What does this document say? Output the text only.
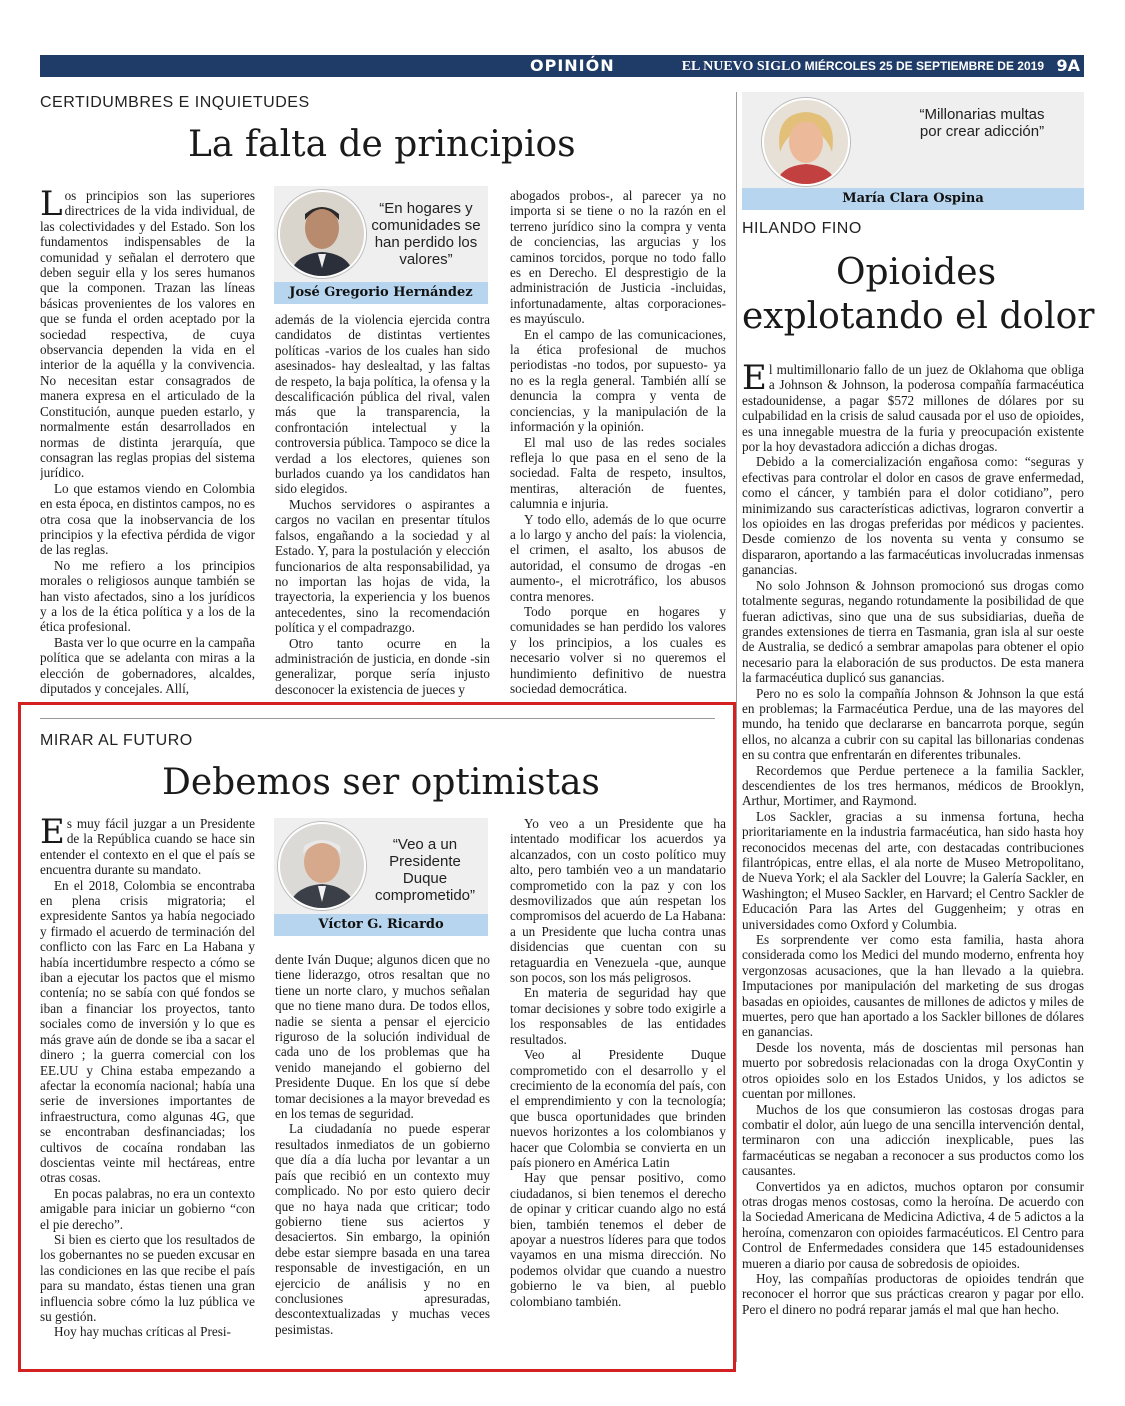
OPINIÓN	EL NUEVO SIGLO MIÉRCOLES 25 DE SEPTIEMBRE DE 2019 9A
CERTIDUMBRES E INQUIETUDES
La falta de principios

Los principios son las superiores directrices de la vida individual, de las colectividades y del Estado. Son los fundamentos indispensables de la comunidad y señalan el derrotero que deben seguir ella y los seres humanos que la componen. Trazan las líneas básicas provenientes de los valores en que se funda el orden aceptado por la sociedad respectiva, de cuya observancia dependen la vida en el interior de la aquélla y la convivencia. No necesitan estar consagrados de manera expresa en el articulado de la Constitución, aunque pueden estarlo, y normalmente están desarrollados en normas de distinta jerarquía, que consagran las reglas propias del sistema jurídico.

Lo que estamos viendo en Colombia en esta época, en distintos campos, no es otra cosa que la inobservancia de los principios y la efectiva pérdida de vigor de las reglas.

No me refiero a los principios morales o religiosos aunque también se han visto afectados, sino a los jurídicos y a los de la ética política y a los de la ética profesional.

Basta ver lo que ocurre en la campaña política que se adelanta con miras a la elección de gobernadores, alcaldes, diputados y concejales. Allí,

“En hogares y comunidades se han perdido los valores”
José Gregorio Hernández

además de la violencia ejercida contra candidatos de distintas vertientes políticas -varios de los cuales han sido asesinados- hay deslealtad, y las faltas de respeto, la baja política, la ofensa y la descalificación pública del rival, valen más que la transparencia, la confrontación intelectual y la controversia pública. Tampoco se dice la verdad a los electores, quienes son burlados cuando ya los candidatos han sido elegidos.

Muchos servidores o aspirantes a cargos no vacilan en presentar títulos falsos, engañando a la sociedad y al Estado. Y, para la postulación y elección funcionarios de alta responsabilidad, ya no importan las hojas de vida, la trayectoria, la experiencia y los buenos antecedentes, sino la recomendación política y el compadrazgo.

Otro tanto ocurre en la administración de justicia, en donde -sin generalizar, porque sería injusto desconocer la existencia de jueces y

abogados probos-, al parecer ya no importa si se tiene o no la razón en el terreno jurídico sino la compra y venta de conciencias, las argucias y los caminos torcidos, porque no todo fallo es en Derecho. El desprestigio de la administración de Justicia -incluidas, infortunadamente, altas corporaciones- es mayúsculo.

En el campo de las comunicaciones, la ética profesional de muchos periodistas -no todos, por supuesto- ya no es la regla general. También allí se denuncia la compra y venta de conciencias, y la manipulación de la información y la opinión.

El mal uso de las redes sociales refleja lo que pasa en el seno de la sociedad. Falta de respeto, insultos, mentiras, alteración de fuentes, calumnia e injuria.

Y todo ello, además de lo que ocurre a lo largo y ancho del país: la violencia, el crimen, el asalto, los abusos de autoridad, el consumo de drogas -en aumento-, el microtráfico, los abusos contra menores.

Todo porque en hogares y comunidades se han perdido los valores y los principios, a los cuales es necesario volver si no queremos el hundimiento definitivo de nuestra sociedad democrática.

MIRAR AL FUTURO
Debemos ser optimistas

Es muy fácil juzgar a un Presidente de la República cuando se hace sin entender el contexto en el que el país se encuentra durante su mandato.

En el 2018, Colombia se encontraba en plena crisis migratoria; el expresidente Santos ya había negociado y firmado el acuerdo de terminación del conflicto con las Farc en La Habana y había incertidumbre respecto a cómo se iban a ejecutar los pactos que el mismo contenía; no se sabía con qué fondos se iban a financiar los proyectos, tanto sociales como de inversión y lo que es más grave aún de donde se iba a sacar el dinero ; la guerra comercial con los EE.UU y China estaba empezando a afectar la economía nacional; había una serie de inversiones importantes de infraestructura, como algunas 4G, que se encontraban desfinanciadas; los cultivos de cocaína rondaban las doscientas veinte mil hectáreas, entre otras cosas.

En pocas palabras, no era un contexto amigable para iniciar un gobierno “con el pie derecho”.

Si bien es cierto que los resultados de los gobernantes no se pueden excusar en las condiciones en las que recibe el país para su mandato, éstas tienen una gran influencia sobre cómo la luz pública ve su gestión.

Hoy hay muchas críticas al Presi-

“Veo a un Presidente Duque comprometido”
Víctor G. Ricardo

dente Iván Duque; algunos dicen que no tiene liderazgo, otros resaltan que no tiene un norte claro, y muchos señalan que no tiene mano dura. De todos ellos, nadie se sienta a pensar el ejercicio riguroso de la solución individual de cada uno de los problemas que ha venido manejando el gobierno del Presidente Duque. En los que sí debe tomar decisiones a la mayor brevedad es en los temas de seguridad.

La ciudadanía no puede esperar resultados inmediatos de un gobierno que día a día lucha por levantar a un país que recibió en un contexto muy complicado. No por esto quiero decir que no haya nada que criticar; todo gobierno tiene sus aciertos y desaciertos. Sin embargo, la opinión debe estar siempre basada en una tarea responsable de investigación, en un ejercicio de análisis y no en conclusiones apresuradas, descontextualizadas y muchas veces pesimistas.

Yo veo a un Presidente que ha intentado modificar los acuerdos ya alcanzados, con un costo político muy alto, pero también veo a un mandatario comprometido con la paz y con los desmovilizados que aún respetan los compromisos del acuerdo de La Habana: a un Presidente que lucha contra unas disidencias que cuentan con su retaguardia en Venezuela -que, aunque son pocos, son los más peligrosos.

En materia de seguridad hay que tomar decisiones y sobre todo exigirle a los responsables de las entidades resultados.

Veo al Presidente Duque comprometido con el desarrollo y el crecimiento de la economía del país, con el emprendimiento y con la tecnología; que busca oportunidades que brinden nuevos horizontes a los colombianos y hacer que Colombia se convierta en un país pionero en América Latin

Hay que pensar positivo, como ciudadanos, si bien tenemos el derecho de opinar y criticar cuando algo no está bien, también tenemos el deber de apoyar a nuestros líderes para que todos vayamos en una misma dirección. No podemos olvidar que cuando a nuestro gobierno le va bien, al pueblo colombiano también.

“Millonarias multas por crear adicción”
María Clara Ospina
HILANDO FINO
Opioides
explotando el dolor

El multimillonario fallo de un juez de Oklahoma que obliga a Johnson & Johnson, la poderosa compañía farmacéutica estadounidense, a pagar $572 millones de dólares por su culpabilidad en la crisis de salud causada por el uso de opioides, es una innegable muestra de la furia y preocupación existente por la hoy devastadora adicción a dichas drogas.

Debido a la comercialización engañosa como: “seguras y efectivas para controlar el dolor en casos de grave enfermedad, como el cáncer, y también para el dolor cotidiano”, pero minimizando sus características adictivas, lograron convertir a los opioides en las drogas preferidas por médicos y pacientes. Desde comienzo de los noventa su venta y consumo se dispararon, aportando a las farmacéuticas involucradas inmensas ganancias.

No solo Johnson & Johnson promocionó sus drogas como totalmente seguras, negando rotundamente la posibilidad de que fueran adictivas, sino que una de sus subsidiarias, dueña de grandes extensiones de tierra en Tasmania, gran isla al sur oeste de Australia, se dedicó a sembrar amapolas para obtener el opio necesario para la elaboración de sus productos. De esta manera la farmacéutica duplicó sus ganancias.

Pero no es solo la compañía Johnson & Johnson la que está en problemas; la Farmacéutica Perdue, una de las mayores del mundo, ha tenido que declararse en bancarrota porque, según ellos, no alcanza a cubrir con su capital las billonarias condenas en su contra que enfrentarán en diferentes tribunales.

Recordemos que Perdue pertenece a la familia Sackler, descendientes de los tres hermanos, médicos de Brooklyn, Arthur, Mortimer, and Raymond.

Los Sackler, gracias a su inmensa fortuna, hecha prioritariamente en la industria farmacéutica, han sido hasta hoy reconocidos mecenas del arte, con destacadas contribuciones filantrópicas, entre ellas, el ala norte de Museo Metropolitano, de Nueva York; el ala Sackler del Louvre; la Galería Sackler, en Washington; el Museo Sackler, en Harvard; el Centro Sackler de Educación Para las Artes del Guggenheim; y otras en universidades como Oxford y Columbia.

Es sorprendente ver como esta familia, hasta ahora considerada como los Medici del mundo moderno, enfrenta hoy vergonzosas acusaciones, que la han llevado a la quiebra. Imputaciones por manipulación del marketing de sus drogas basadas en opioides, causantes de millones de adictos y miles de muertes, pero que han aportado a los Sackler billones de dólares en ganancias.

Desde los noventa, más de doscientas mil personas han muerto por sobredosis relacionadas con la droga OxyContin y otros opioides solo en los Estados Unidos, y los adictos se cuentan por millones.

Muchos de los que consumieron las costosas drogas para combatir el dolor, aún luego de una sencilla intervención dental, terminaron con una adicción inexplicable, pues las farmacéuticas se negaban a reconocer a sus productos como los causantes.

Convertidos ya en adictos, muchos optaron por consumir otras drogas menos costosas, como la heroína. De acuerdo con la Sociedad Americana de Medicina Adictiva, 4 de 5 adictos a la heroína, comenzaron con opioides farmacéuticos. El Centro para Control de Enfermedades considera que 145 estadounidenses mueren a diario por causa de sobredosis de opioides.

Hoy, las compañías productoras de opioides tendrán que reconocer el horror que sus prácticas crearon y pagar por ello. Pero el dinero no podrá reparar jamás el mal que han hecho.
